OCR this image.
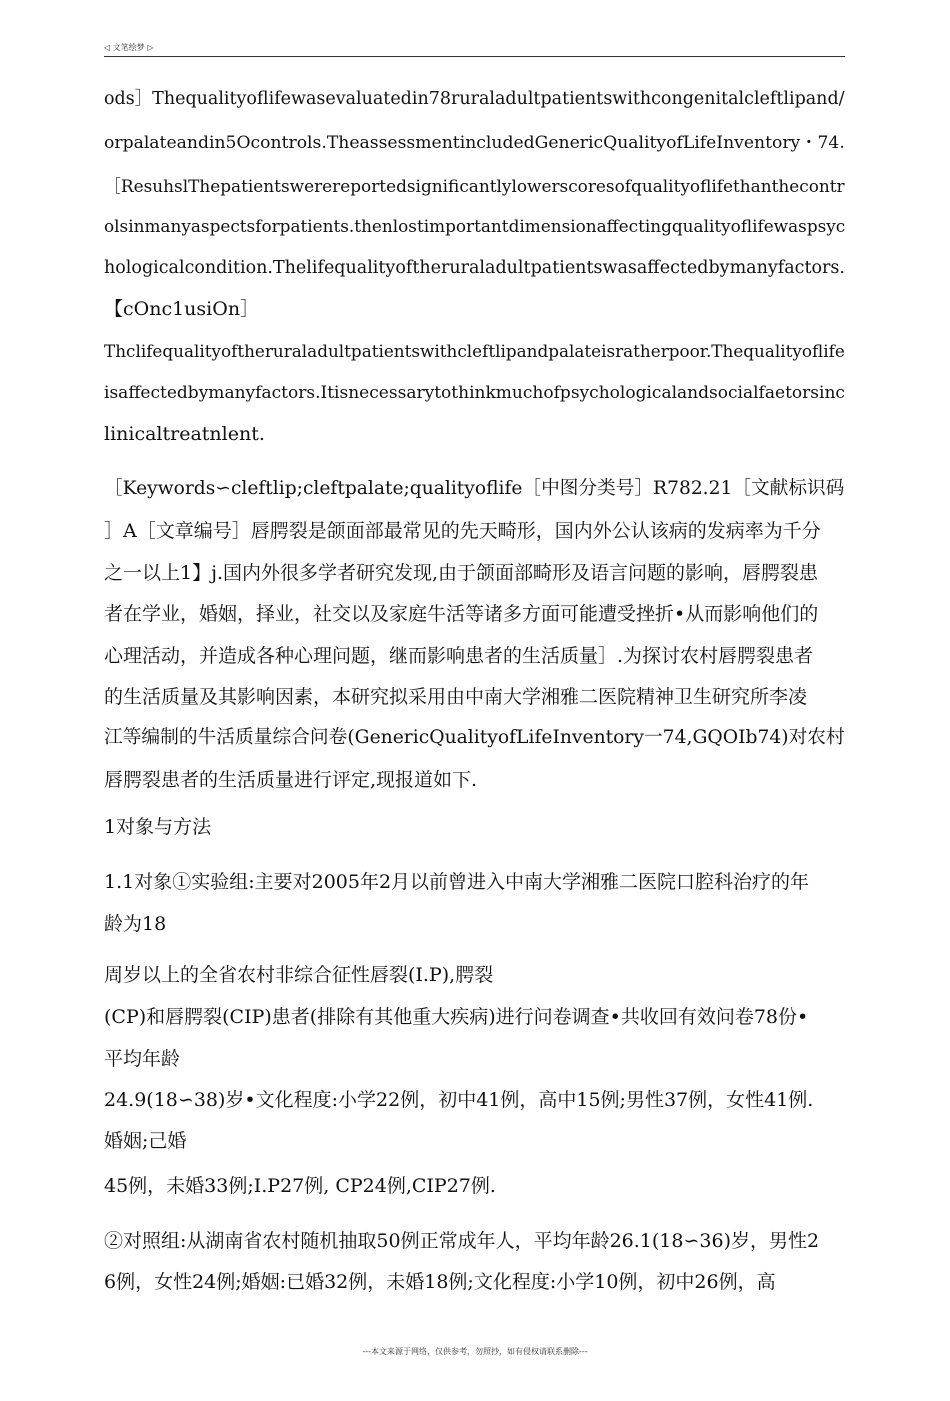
◁ 文笔绘梦 ▷
ods］Thequalityoflifewasevaluatedin78ruraladultpatientswithcongenitalcleftlipand/
orpalateandin5Ocontrols.TheassessmentincludedGenericQualityofLifeInventory・74.
［ResuhslThepatientswerereportedsignificantlylowerscoresofqualityoflifethanthecontr
olsinmanyaspectsforpatients.thenlostimportantdimensionaffectingqualityoflifewaspsyc
hologicalcondition.Thelifequalityoftheruraladultpatientswasaffectedbymanyfactors.
【cOnc1usiOn］
Thclifequalityoftheruraladultpatientswithcleftlipandpalateisratherpoor.Thequalityoflife
isaffectedbymanyfactors.Itisnecessarytothinkmuchofpsychologicalandsocialfaetorsinc
linicaltreatnlent.
［Keywords∽cleftlip;cleftpalate;qualityoflife［中图分类号］R782.21［文献标识码
］A［文章编号］唇腭裂是颌面部最常见的先天畸形，国内外公认该病的发病率为千分
之一以上1】j.国内外很多学者研究发现,由于颌面部畸形及语言问题的影响，唇腭裂患
者在学业，婚姻，择业，社交以及家庭牛活等诸多方面可能遭受挫折•从而影响他们的
心理活动，并造成各种心理问题，继而影响患者的生活质量］.为探讨农村唇腭裂患者
的生活质量及其影响因素，本研究拟采用由中南大学湘雅二医院精神卫生研究所李凌
江等编制的牛活质量综合问卷(GenericQualityofLifeInventory一74,GQOIb74)对农村
唇腭裂患者的生活质量进行评定,现报道如下.
1对象与方法
1.1对象①实验组:主要对2005年2月以前曾进入中南大学湘雅二医院口腔科治疗的年
龄为18
周岁以上的全省农村非综合征性唇裂(I.P),腭裂
(CP)和唇腭裂(CIP)患者(排除有其他重大疾病)进行问卷调查•共收回有效问卷78份•
平均年龄
24.9(18∽38)岁•文化程度:小学22例，初中41例，高中15例;男性37例，女性41例.
婚姻;己婚
45例，未婚33例;I.P27例, CP24例,CIP27例.
②对照组:从湖南省农村随机抽取50例正常成年人，平均年龄26.1(18∽36)岁，男性2
6例，女性24例;婚姻:已婚32例，未婚18例;文化程度:小学10例，初中26例，高
---本文来源于网络，仅供参考，勿照抄，如有侵权请联系删除---
